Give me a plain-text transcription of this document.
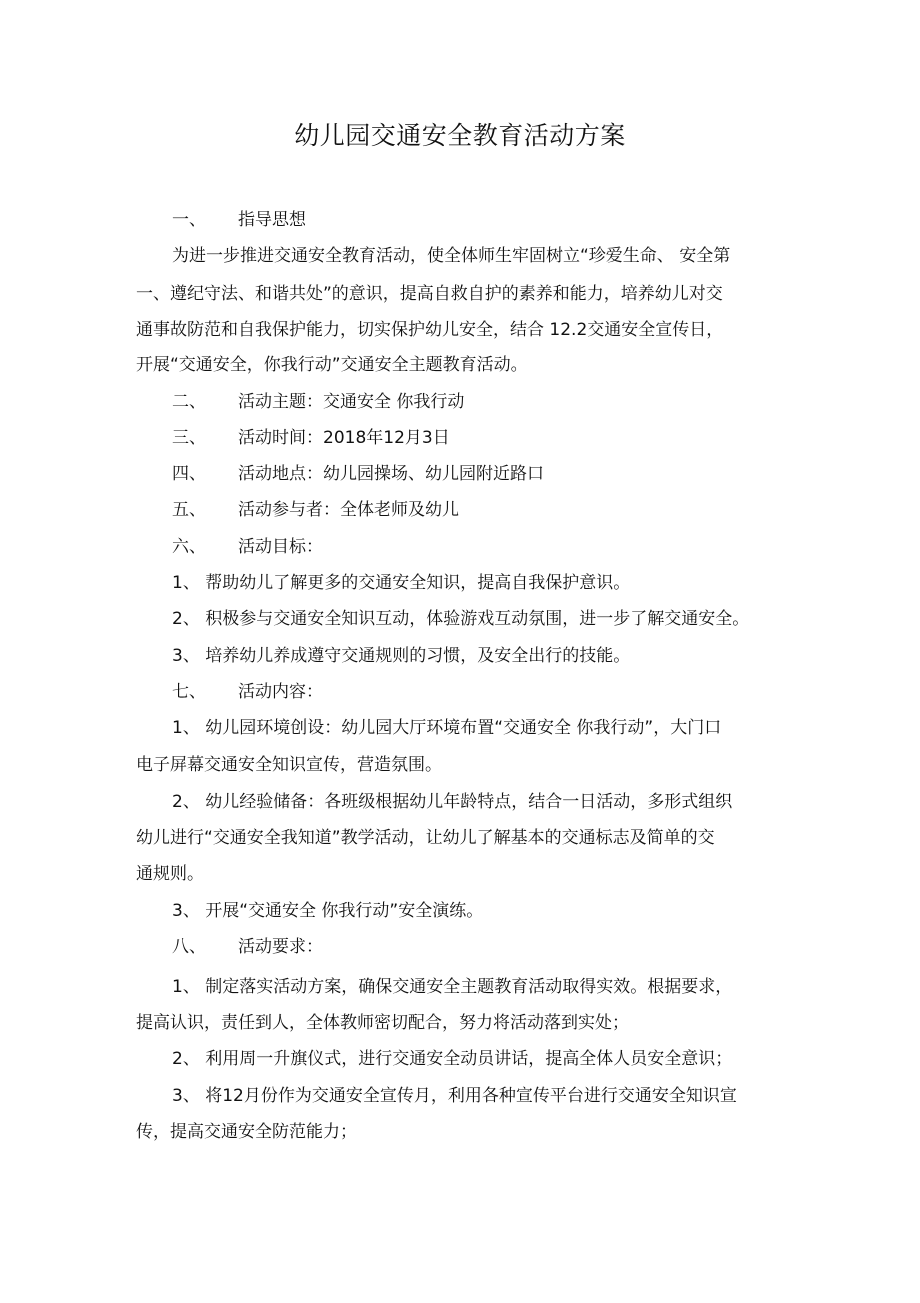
幼儿园交通安全教育活动方案
一、 指导思想
为进一步推进交通安全教育活动，使全体师生牢固树立“珍爱生命、 安全第
一、遵纪守法、和谐共处”的意识，提高自救自护的素养和能力，培养幼儿对交
通事故防范和自我保护能力，切实保护幼儿安全，结合 12.2交通安全宣传日，
开展“交通安全，你我行动”交通安全主题教育活动。
二、 活动主题：交通安全 你我行动
三、 活动时间：2018年12月3日
四、 活动地点：幼儿园操场、幼儿园附近路口
五、 活动参与者：全体老师及幼儿
六、 活动目标：
1、 帮助幼儿了解更多的交通安全知识，提高自我保护意识。
2、 积极参与交通安全知识互动，体验游戏互动氛围，进一步了解交通安全。
3、 培养幼儿养成遵守交通规则的习惯，及安全出行的技能。
七、 活动内容：
1、 幼儿园环境创设：幼儿园大厅环境布置“交通安全 你我行动”，大门口
电子屏幕交通安全知识宣传，营造氛围。
2、 幼儿经验储备：各班级根据幼儿年龄特点，结合一日活动，多形式组织
幼儿进行“交通安全我知道”教学活动，让幼儿了解基本的交通标志及简单的交
通规则。
3、 开展“交通安全 你我行动”安全演练。
八、 活动要求：
1、 制定落实活动方案，确保交通安全主题教育活动取得实效。根据要求，
提高认识，责任到人，全体教师密切配合，努力将活动落到实处；
2、 利用周一升旗仪式，进行交通安全动员讲话，提高全体人员安全意识；
3、 将12月份作为交通安全宣传月，利用各种宣传平台进行交通安全知识宣
传，提高交通安全防范能力；
